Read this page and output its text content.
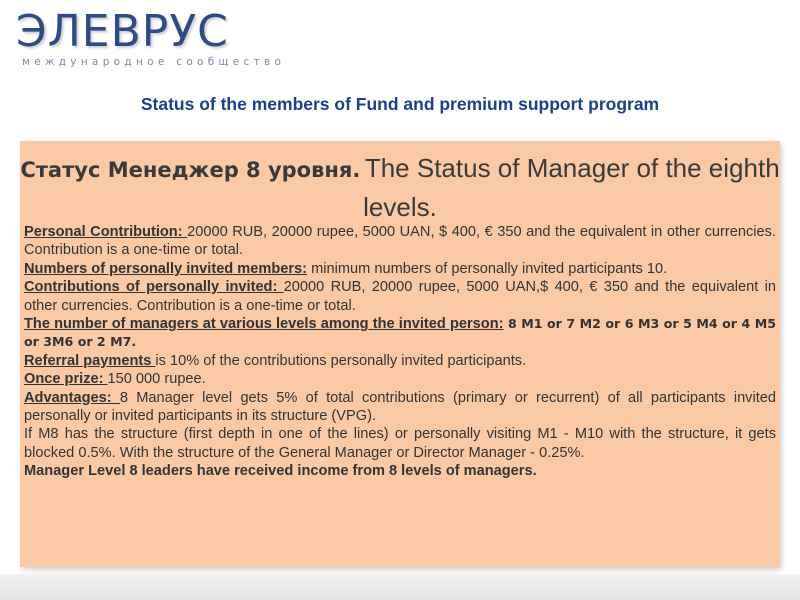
ЭЛЕВРУС
международное сообщество
Status of the members of Fund and premium support program
Статус Менеджер 8 уровня. The Status of Manager of the eighth levels.

Personal Contribution: 20000 RUB, 20000 rupee, 5000 UAN, $ 400, € 350 and the equivalent in other currencies. Contribution is a one-time or total.

Numbers of personally invited members: minimum numbers of personally invited participants 10.

Contributions of personally invited: 20000 RUB, 20000 rupee, 5000 UAN,$ 400, € 350 and the equivalent in other currencies. Contribution is a one-time or total.

The number of managers at various levels among the invited person: 8 M1 or 7 M2 or 6 M3 or 5 M4 or 4 M5 or 3M6 or 2 M7.

Referral payments is 10% of the contributions personally invited participants.

Once prize: 150 000 rupee.

Advantages: 8 Manager level gets 5% of total contributions (primary or recurrent) of all participants invited personally or invited participants in its structure (VPG).

If M8 has the structure (first depth in one of the lines) or personally visiting M1 - M10 with the structure, it gets blocked 0.5%. With the structure of the General Manager or Director Manager - 0.25%.

Manager Level 8 leaders have received income from 8 levels of managers.
